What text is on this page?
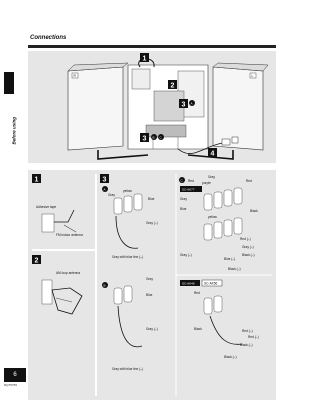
Connections
Before using
R	L
1
2
3
3
4
A
B C
1
Adhesive tape
FM indoor antenna
2
AM loop antenna
3
A
Gray
Blue
yellow
Gray (–)
Gray with blue line (–)
B
Gray
Blue
Gray (–)
Gray with blue line (–)
C
SC-AK77
Red
Gray
Red
purple
Gray
Blue	Black
yellow
Red (–)
Gray (–)
Black (–)
Blue (–)
Gray (–)
Black (–)
SC-AK46	SC-AK56
Red
Black	Red (–)
Black (–)
Red (–)
Black (–)
6
RQT5765
